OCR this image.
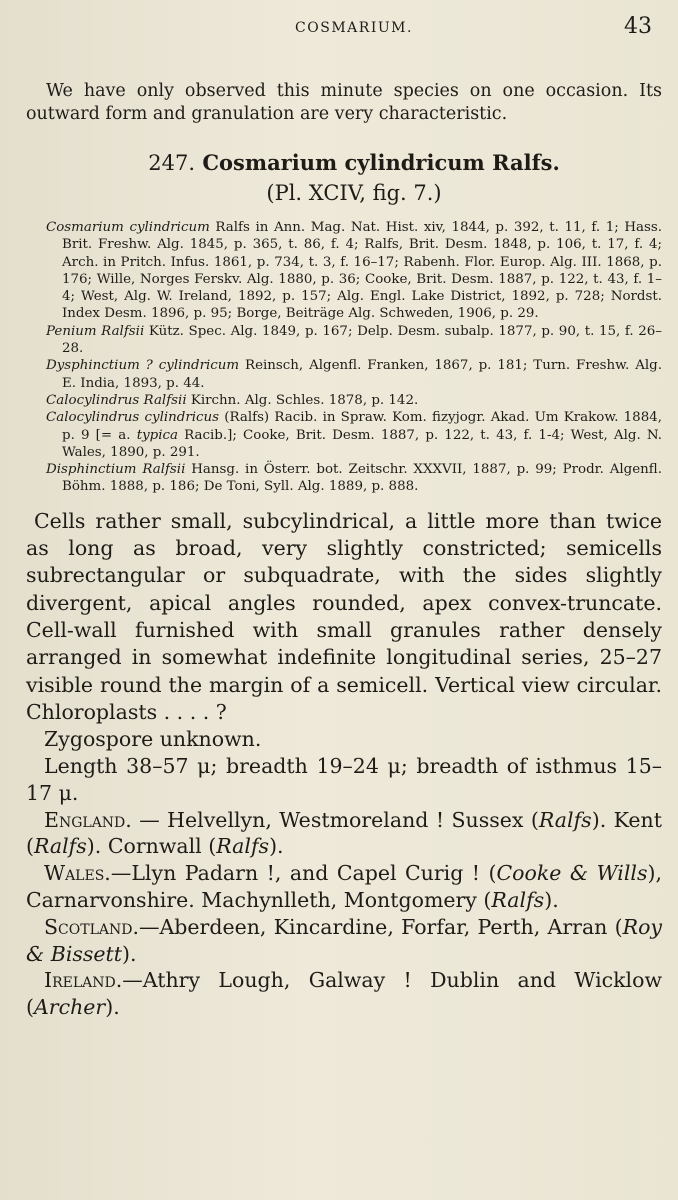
COSMARIUM.	43

We have only observed this minute species on one occasion. Its outward form and granulation are very characteristic.

247. Cosmarium cylindricum Ralfs.
(Pl. XCIV, fig. 7.)

Cosmarium cylindricum Ralfs in Ann. Mag. Nat. Hist. xiv, 1844, p. 392, t. 11, f. 1; Hass. Brit. Freshw. Alg. 1845, p. 365, t. 86, f. 4; Ralfs, Brit. Desm. 1848, p. 106, t. 17, f. 4; Arch. in Pritch. Infus. 1861, p. 734, t. 3, f. 16–17; Rabenh. Flor. Europ. Alg. III. 1868, p. 176; Wille, Norges Ferskv. Alg. 1880, p. 36; Cooke, Brit. Desm. 1887, p. 122, t. 43, f. 1–4; West, Alg. W. Ireland, 1892, p. 157; Alg. Engl. Lake District, 1892, p. 728; Nordst. Index Desm. 1896, p. 95; Borge, Beiträge Alg. Schweden, 1906, p. 29.

Penium Ralfsii Kütz. Spec. Alg. 1849, p. 167; Delp. Desm. subalp. 1877, p. 90, t. 15, f. 26–28.

Dysphinctium ? cylindricum Reinsch, Algenfl. Franken, 1867, p. 181; Turn. Freshw. Alg. E. India, 1893, p. 44.

Calocylindrus Ralfsii Kirchn. Alg. Schles. 1878, p. 142.

Calocylindrus cylindricus (Ralfs) Racib. in Spraw. Kom. fizyjogr. Akad. Um Krakow. 1884, p. 9 [= a. typica Racib.]; Cooke, Brit. Desm. 1887, p. 122, t. 43, f. 1-4; West, Alg. N. Wales, 1890, p. 291.

Disphinctium Ralfsii Hansg. in Österr. bot. Zeitschr. XXXVII, 1887, p. 99; Prodr. Algenfl. Böhm. 1888, p. 186; De Toni, Syll. Alg. 1889, p. 888.

Cells rather small, subcylindrical, a little more than twice as long as broad, very slightly constricted; semicells subrectangular or subquadrate, with the sides slightly divergent, apical angles rounded, apex convex-truncate. Cell-wall furnished with small granules rather densely arranged in somewhat indefinite longitudinal series, 25–27 visible round the margin of a semicell. Vertical view circular. Chloroplasts . . . . ?

Zygospore unknown.

Length 38–57 μ; breadth 19–24 μ; breadth of isthmus 15–17 μ.

England. — Helvellyn, Westmoreland ! Sussex (Ralfs). Kent (Ralfs). Cornwall (Ralfs).

Wales.—Llyn Padarn !, and Capel Curig ! (Cooke & Wills), Carnarvonshire. Machynlleth, Montgomery (Ralfs).

Scotland.—Aberdeen, Kincardine, Forfar, Perth, Arran (Roy & Bissett).

Ireland.—Athry Lough, Galway ! Dublin and Wicklow (Archer).
